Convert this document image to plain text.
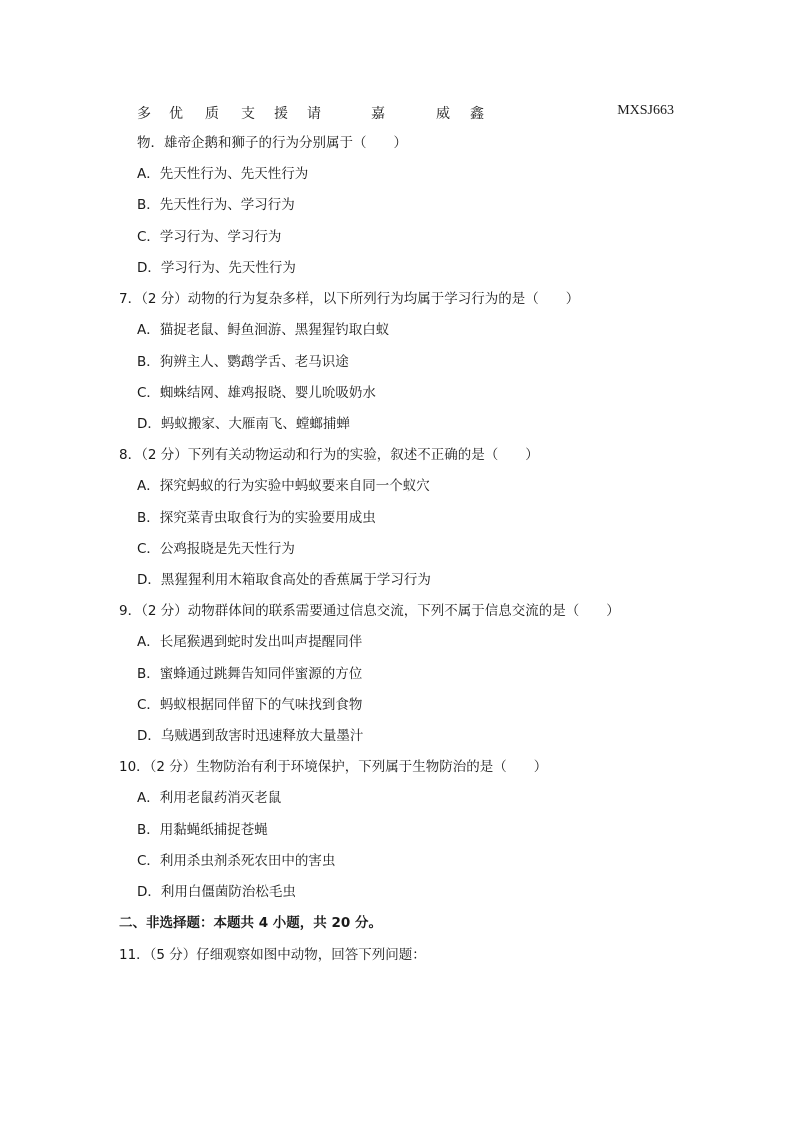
多 优 质 支 援 请	嘉	威 鑫	MXSJ663
物．雄帝企鹅和狮子的行为分别属于（　　）
A．先天性行为、先天性行为
B．先天性行为、学习行为
C．学习行为、学习行为
D．学习行为、先天性行为
7．（2 分）动物的行为复杂多样，以下所列行为均属于学习行为的是（　　）
A．猫捉老鼠、鲟鱼洄游、黑猩猩钓取白蚁
B．狗辨主人、鹦鹉学舌、老马识途
C．蜘蛛结网、雄鸡报晓、婴儿吮吸奶水
D．蚂蚁搬家、大雁南飞、螳螂捕蝉
8．（2 分）下列有关动物运动和行为的实验，叙述不正确的是（　　）
A．探究蚂蚁的行为实验中蚂蚁要来自同一个蚁穴
B．探究菜青虫取食行为的实验要用成虫
C．公鸡报晓是先天性行为
D．黑猩猩利用木箱取食高处的香蕉属于学习行为
9．（2 分）动物群体间的联系需要通过信息交流，下列不属于信息交流的是（　　）
A．长尾猴遇到蛇时发出叫声提醒同伴
B．蜜蜂通过跳舞告知同伴蜜源的方位
C．蚂蚁根据同伴留下的气味找到食物
D．乌贼遇到敌害时迅速释放大量墨汁
10．（2 分）生物防治有利于环境保护，下列属于生物防治的是（　　）
A．利用老鼠药消灭老鼠
B．用黏蝇纸捕捉苍蝇
C．利用杀虫剂杀死农田中的害虫
D．利用白僵菌防治松毛虫
二、非选择题：本题共 4 小题，共 20 分。
11．（5 分）仔细观察如图中动物，回答下列问题：
